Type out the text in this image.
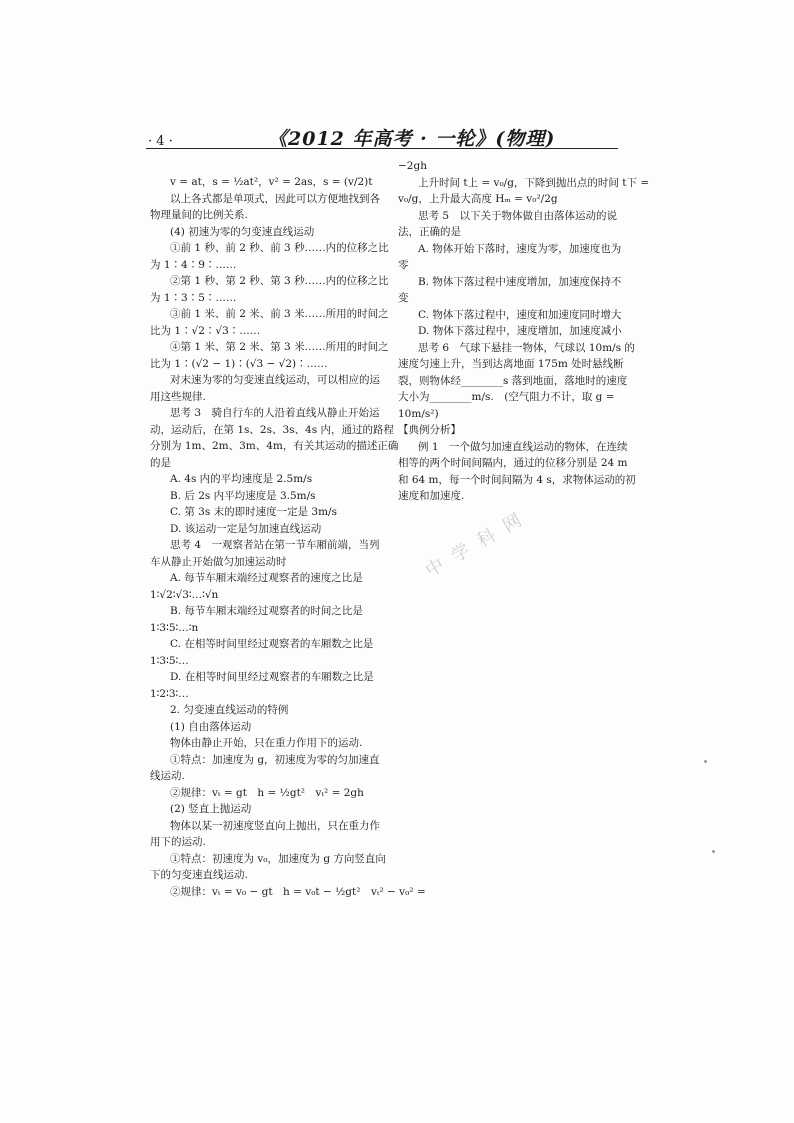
· 4 ·	《2012 年高考 · 一轮》(物理)
v = at，s = ½at²，v² = 2as，s = (v/2)t
以上各式都是单项式，因此可以方便地找到各
物理量间的比例关系.
(4) 初速为零的匀变速直线运动
①前 1 秒、前 2 秒、前 3 秒……内的位移之比
为 1∶4∶9∶……
②第 1 秒、第 2 秒、第 3 秒……内的位移之比
为 1∶3∶5∶……
③前 1 米、前 2 米、前 3 米……所用的时间之
比为 1∶√2∶√3∶……
④第 1 米、第 2 米、第 3 米……所用的时间之
比为 1∶(√2 − 1)∶(√3 − √2)∶……
对末速为零的匀变速直线运动，可以相应的运
用这些规律.
思考 3　骑自行车的人沿着直线从静止开始运
动，运动后，在第 1s、2s、3s、4s 内，通过的路程
分别为 1m、2m、3m、4m，有关其运动的描述正确
的是
A. 4s 内的平均速度是 2.5m/s
B. 后 2s 内平均速度是 3.5m/s
C. 第 3s 末的即时速度一定是 3m/s
D. 该运动一定是匀加速直线运动
思考 4　一观察者站在第一节车厢前端，当列
车从静止开始做匀加速运动时
A. 每节车厢末端经过观察者的速度之比是
1∶√2∶√3∶…∶√n
B. 每节车厢末端经过观察者的时间之比是
1∶3∶5∶…∶n
C. 在相等时间里经过观察者的车厢数之比是
1∶3∶5∶…
D. 在相等时间里经过观察者的车厢数之比是
1∶2∶3∶…
2. 匀变速直线运动的特例
(1) 自由落体运动
物体由静止开始，只在重力作用下的运动.
①特点：加速度为 g，初速度为零的匀加速直
线运动.
②规律：vₜ = gt　h = ½gt²　vₜ² = 2gh
(2) 竖直上抛运动
物体以某一初速度竖直向上抛出，只在重力作
用下的运动.
①特点：初速度为 v₀，加速度为 g 方向竖直向
下的匀变速直线运动.
②规律：vₜ = v₀ − gt　h = v₀t − ½gt²　vₜ² − v₀² =
−2gh
上升时间 t上 = v₀/g，下降到抛出点的时间 t下 =
v₀/g，上升最大高度 Hₘ = v₀²/2g
思考 5　以下关于物体做自由落体运动的说
法，正确的是
A. 物体开始下落时，速度为零，加速度也为
零
B. 物体下落过程中速度增加，加速度保持不
变
C. 物体下落过程中，速度和加速度同时增大
D. 物体下落过程中，速度增加，加速度减小
思考 6　气球下悬挂一物体，气球以 10m/s 的
速度匀速上升，当到达离地面 175m 处时悬线断
裂，则物体经________s 落到地面，落地时的速度
大小为________m/s.　(空气阻力不计，取 g =
10m/s²)
【典例分析】
例 1　一个做匀加速直线运动的物体，在连续
相等的两个时间间隔内，通过的位移分别是 24 m
和 64 m，每一个时间间隔为 4 s，求物体运动的初
速度和加速度.
中 学 科 网
